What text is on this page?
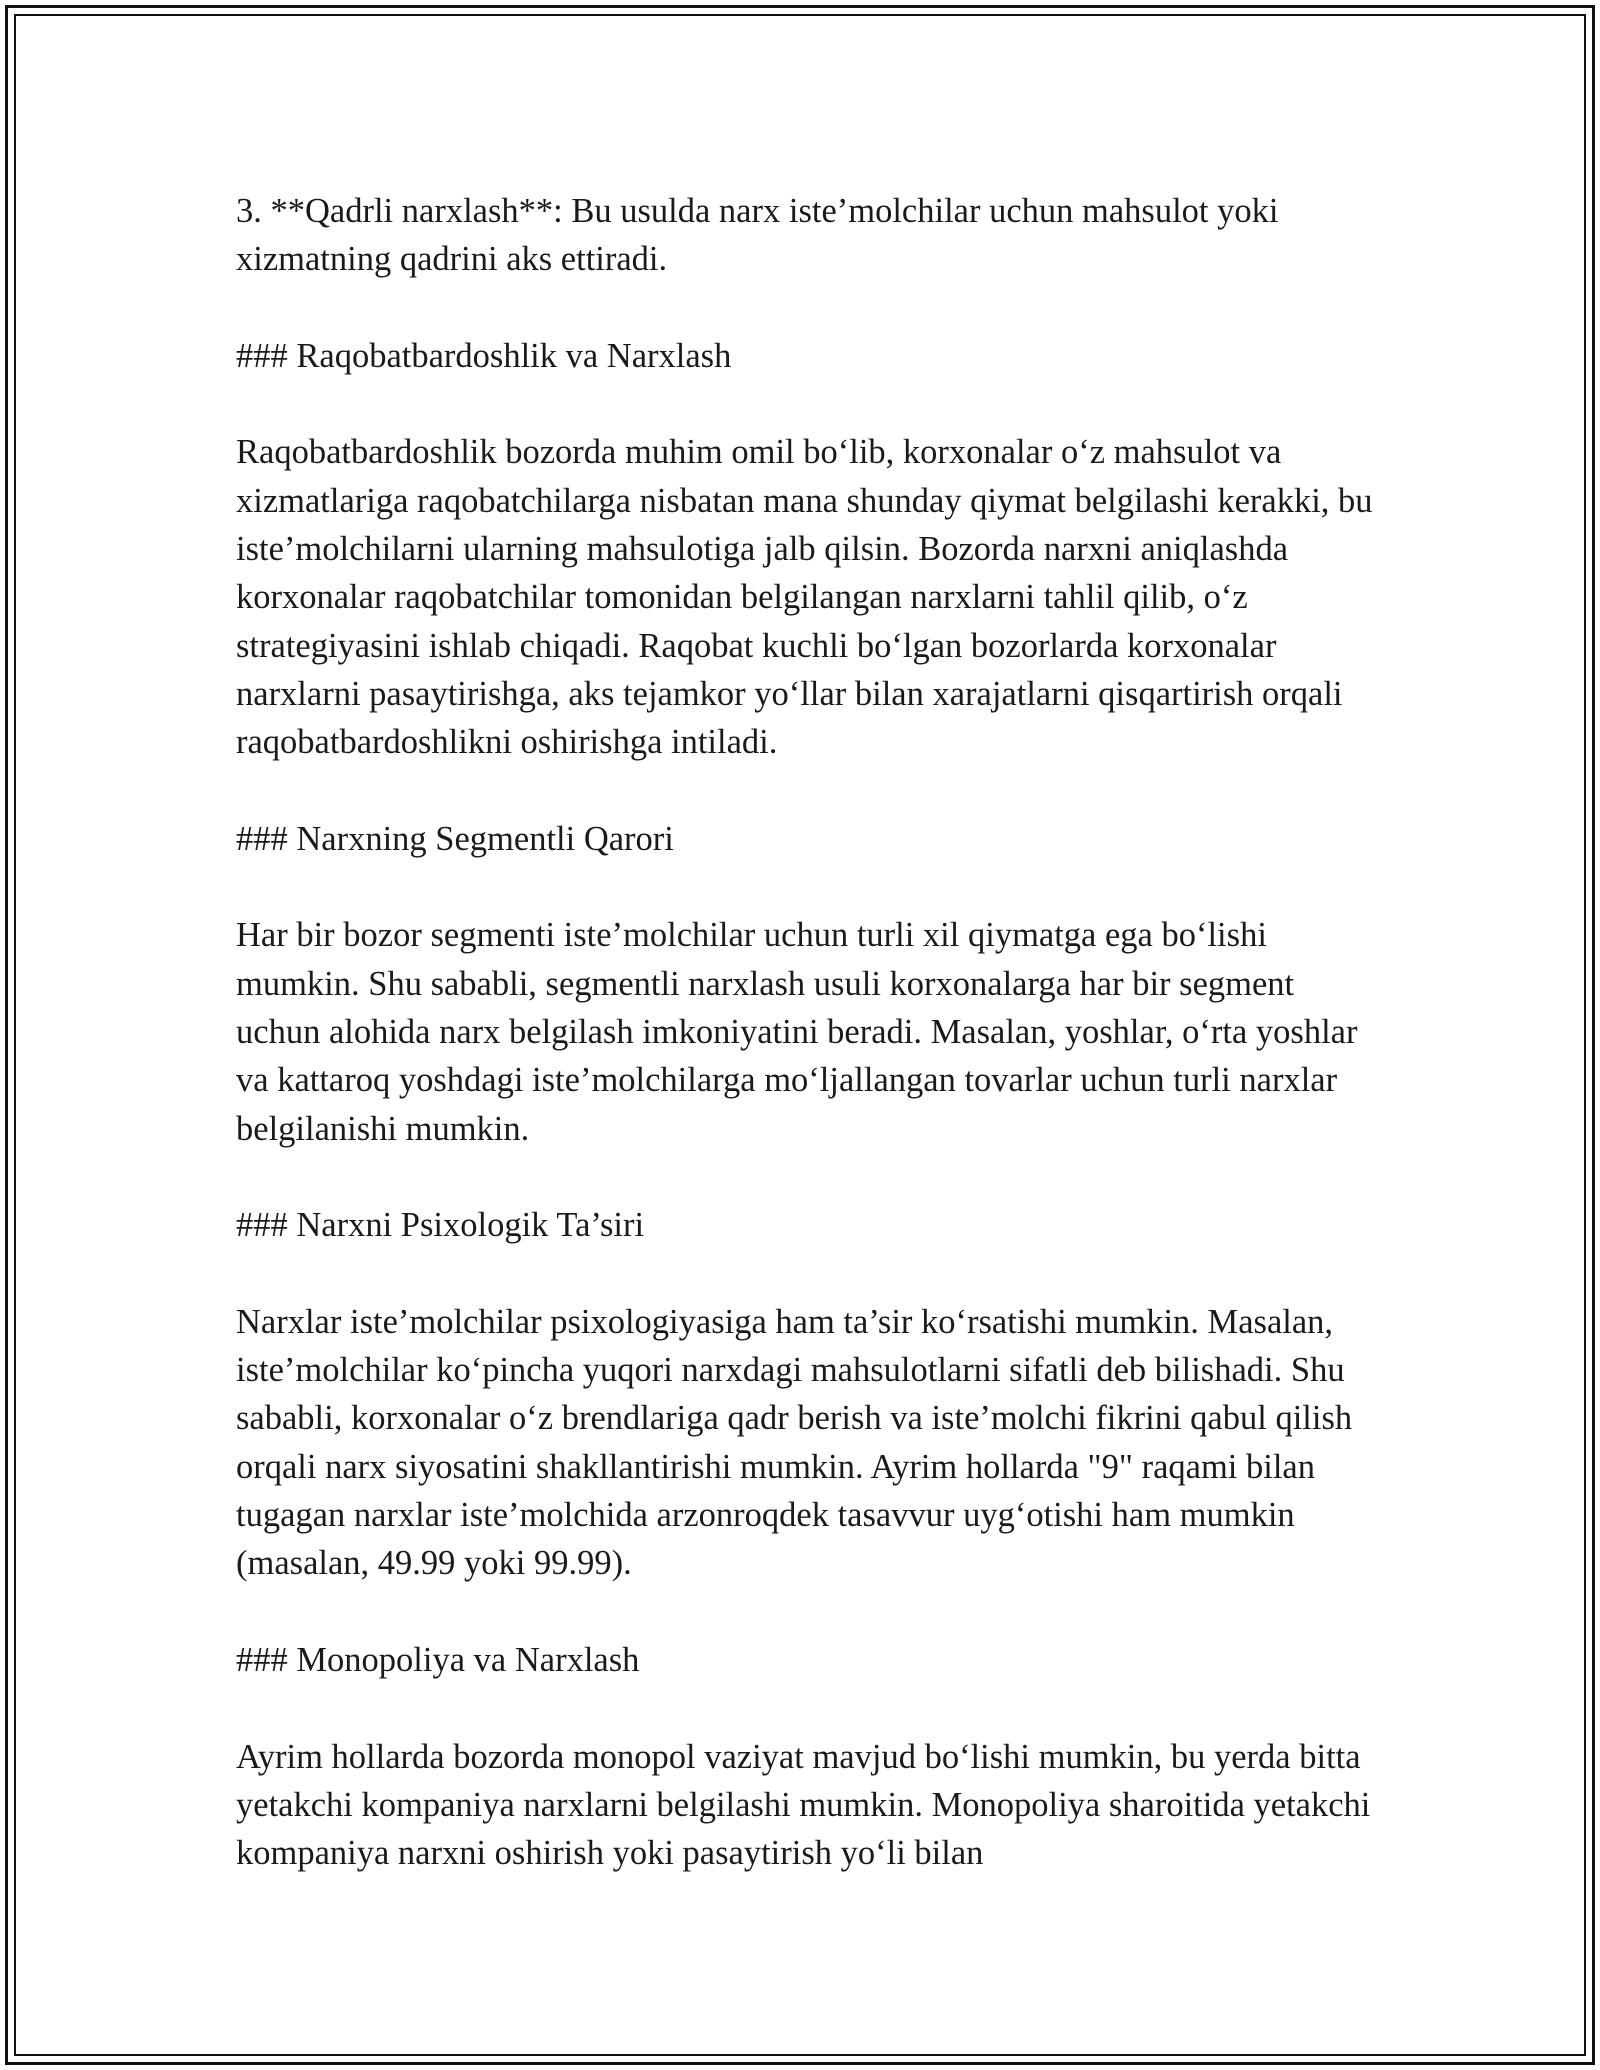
3. **Qadrli narxlash**: Bu usulda narx iste’molchilar uchun mahsulot yoki xizmatning qadrini aks ettiradi.

### Raqobatbardoshlik va Narxlash

Raqobatbardoshlik bozorda muhim omil bo‘lib, korxonalar o‘z mahsulot va xizmatlariga raqobatchilarga nisbatan mana shunday qiymat belgilashi kerakki, bu iste’molchilarni ularning mahsulotiga jalb qilsin. Bozorda narxni aniqlashda korxonalar raqobatchilar tomonidan belgilangan narxlarni tahlil qilib, o‘z strategiyasini ishlab chiqadi. Raqobat kuchli bo‘lgan bozorlarda korxonalar narxlarni pasaytirishga, aks tejamkor yo‘llar bilan xarajatlarni qisqartirish orqali raqobatbardoshlikni oshirishga intiladi.

### Narxning Segmentli Qarori

Har bir bozor segmenti iste’molchilar uchun turli xil qiymatga ega bo‘lishi mumkin. Shu sababli, segmentli narxlash usuli korxonalarga har bir segment uchun alohida narx belgilash imkoniyatini beradi. Masalan, yoshlar, o‘rta yoshlar va kattaroq yoshdagi iste’molchilarga mo‘ljallangan tovarlar uchun turli narxlar belgilanishi mumkin.

### Narxni Psixologik Ta’siri

Narxlar iste’molchilar psixologiyasiga ham ta’sir ko‘rsatishi mumkin. Masalan, iste’molchilar ko‘pincha yuqori narxdagi mahsulotlarni sifatli deb bilishadi. Shu sababli, korxonalar o‘z brendlariga qadr berish va iste’molchi fikrini qabul qilish orqali narx siyosatini shakllantirishi mumkin. Ayrim hollarda "9" raqami bilan tugagan narxlar iste’molchida arzonroqdek tasavvur uyg‘otishi ham mumkin (masalan, 49.99 yoki 99.99).

### Monopoliya va Narxlash

Ayrim hollarda bozorda monopol vaziyat mavjud bo‘lishi mumkin, bu yerda bitta yetakchi kompaniya narxlarni belgilashi mumkin. Monopoliya sharoitida yetakchi kompaniya narxni oshirish yoki pasaytirish yo‘li bilan
